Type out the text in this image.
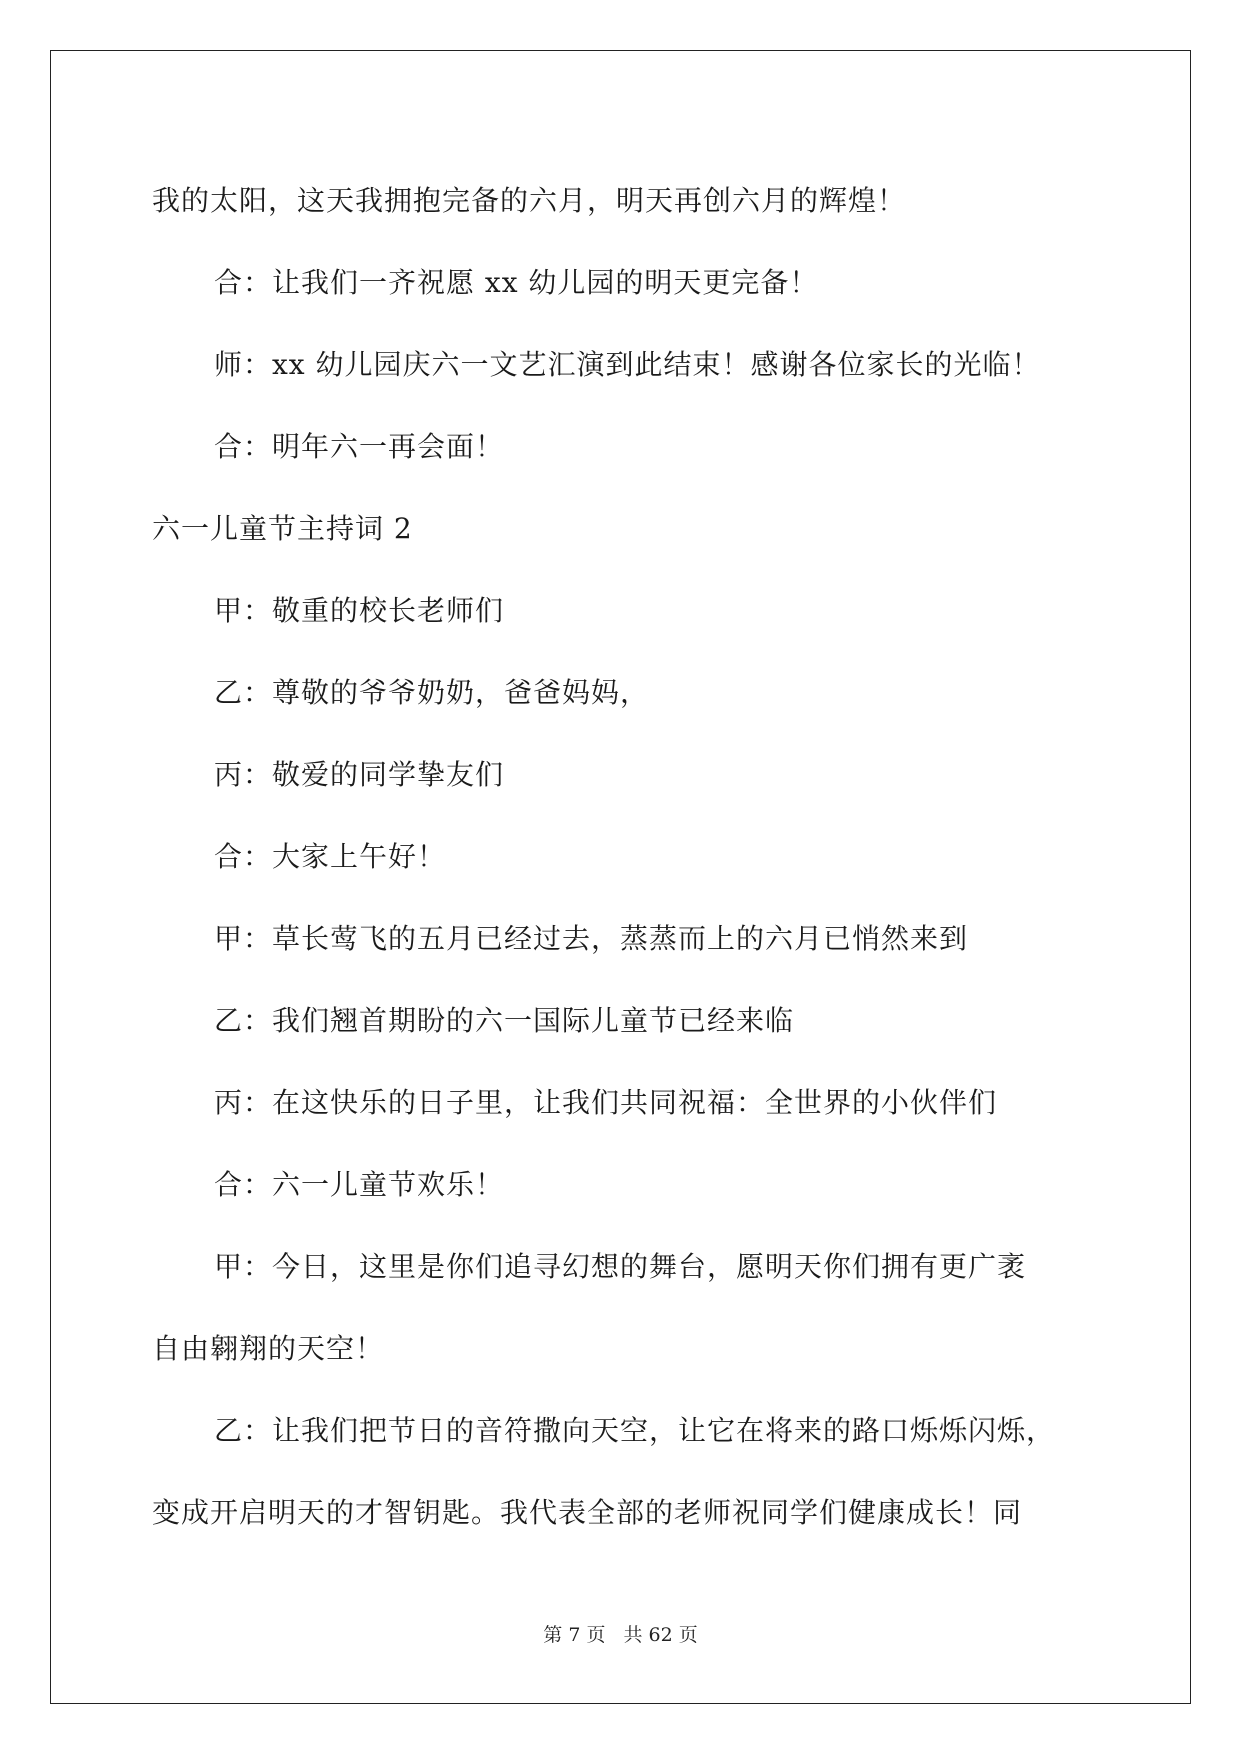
我的太阳，这天我拥抱完备的六月，明天再创六月的辉煌！
合：让我们一齐祝愿 xx 幼儿园的明天更完备！
师：xx 幼儿园庆六一文艺汇演到此结束！感谢各位家长的光临！
合：明年六一再会面！
六一儿童节主持词 2
甲：敬重的校长老师们
乙：尊敬的爷爷奶奶，爸爸妈妈，
丙：敬爱的同学挚友们
合：大家上午好！
甲：草长莺飞的五月已经过去，蒸蒸而上的六月已悄然来到
乙：我们翘首期盼的六一国际儿童节已经来临
丙：在这快乐的日子里，让我们共同祝福：全世界的小伙伴们
合：六一儿童节欢乐！
甲：今日，这里是你们追寻幻想的舞台，愿明天你们拥有更广袤
自由翱翔的天空！
乙：让我们把节日的音符撒向天空，让它在将来的路口烁烁闪烁，
变成开启明天的才智钥匙。我代表全部的老师祝同学们健康成长！同
第 7 页 共 62 页
